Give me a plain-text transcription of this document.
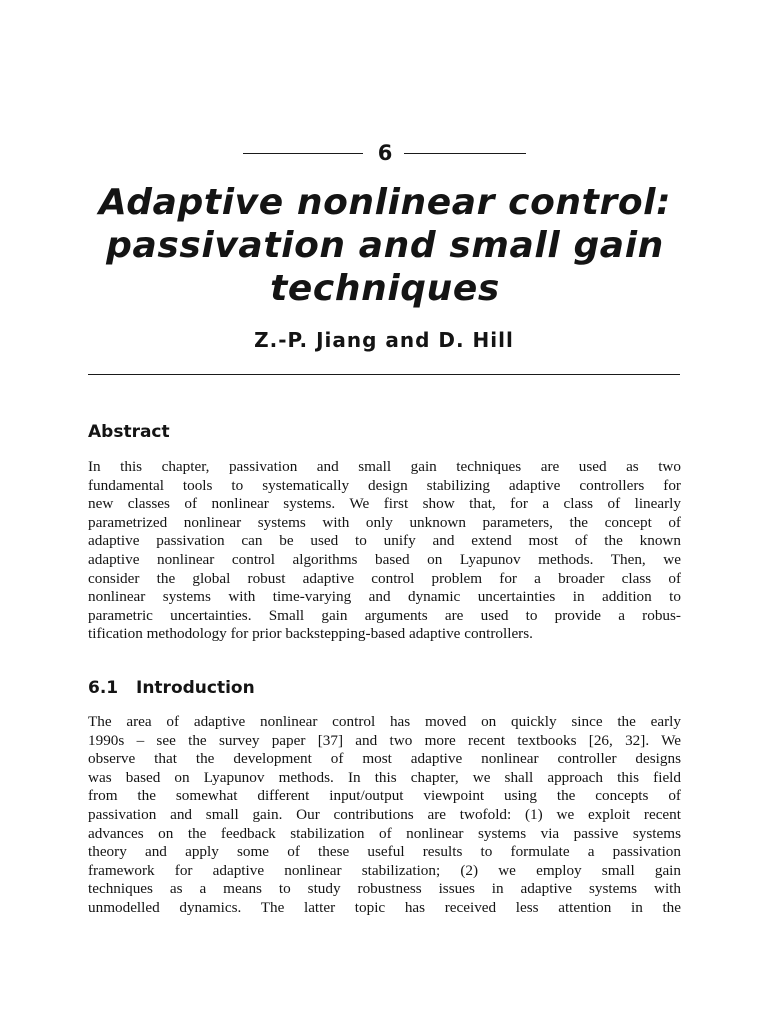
6
Adaptive nonlinear control:
passivation and small gain
techniques
Z.-P. Jiang and D. Hill
Abstract
In this chapter, passivation and small gain techniques are used as two
fundamental tools to systematically design stabilizing adaptive controllers for
new classes of nonlinear systems. We first show that, for a class of linearly
parametrized nonlinear systems with only unknown parameters, the concept of
adaptive passivation can be used to unify and extend most of the known
adaptive nonlinear control algorithms based on Lyapunov methods. Then, we
consider the global robust adaptive control problem for a broader class of
nonlinear systems with time-varying and dynamic uncertainties in addition to
parametric uncertainties. Small gain arguments are used to provide a robus-
tification methodology for prior backstepping-based adaptive controllers.
6.1 Introduction
The area of adaptive nonlinear control has moved on quickly since the early
1990s – see the survey paper [37] and two more recent textbooks [26, 32]. We
observe that the development of most adaptive nonlinear controller designs
was based on Lyapunov methods. In this chapter, we shall approach this field
from the somewhat different input/output viewpoint using the concepts of
passivation and small gain. Our contributions are twofold: (1) we exploit recent
advances on the feedback stabilization of nonlinear systems via passive systems
theory and apply some of these useful results to formulate a passivation
framework for adaptive nonlinear stabilization; (2) we employ small gain
techniques as a means to study robustness issues in adaptive systems with
unmodelled dynamics. The latter topic has received less attention in the
